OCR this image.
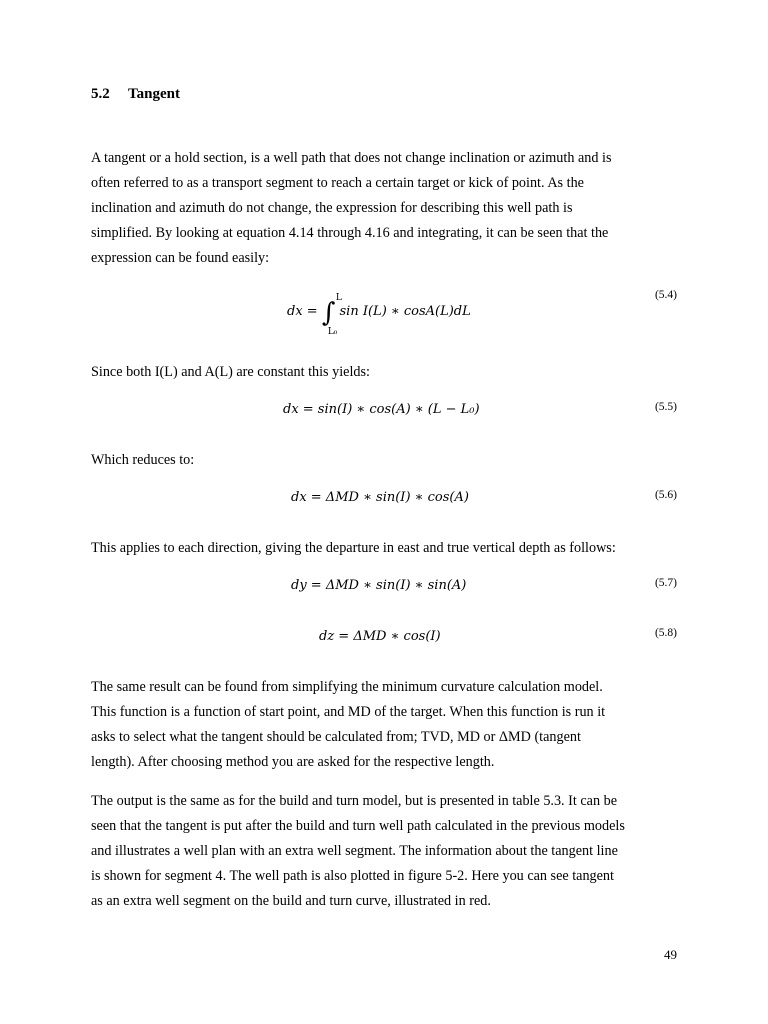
5.2 Tangent
A tangent or a hold section, is a well path that does not change inclination or azimuth and is
often referred to as a transport segment to reach a certain target or kick of point. As the
inclination and azimuth do not change, the expression for describing this well path is
simplified. By looking at equation 4.14 through 4.16 and integrating, it can be seen that the
expression can be found easily:
dx = ∫ L
L₀
sin I(L) ∗ cosA(L)dL
(5.4)
Since both I(L) and A(L) are constant this yields:
dx = sin(I) ∗ cos(A) ∗ (L − L₀)	(5.5)
Which reduces to:
dx = ΔMD ∗ sin(I) ∗ cos(A)	(5.6)
This applies to each direction, giving the departure in east and true vertical depth as follows:
dy = ΔMD ∗ sin(I) ∗ sin(A)	(5.7)
dz = ΔMD ∗ cos(I)	(5.8)
The same result can be found from simplifying the minimum curvature calculation model.
This function is a function of start point, and MD of the target. When this function is run it
asks to select what the tangent should be calculated from; TVD, MD or ΔMD (tangent
length). After choosing method you are asked for the respective length.
The output is the same as for the build and turn model, but is presented in table 5.3. It can be
seen that the tangent is put after the build and turn well path calculated in the previous models
and illustrates a well plan with an extra well segment. The information about the tangent line
is shown for segment 4. The well path is also plotted in figure 5-2. Here you can see tangent
as an extra well segment on the build and turn curve, illustrated in red.
49
